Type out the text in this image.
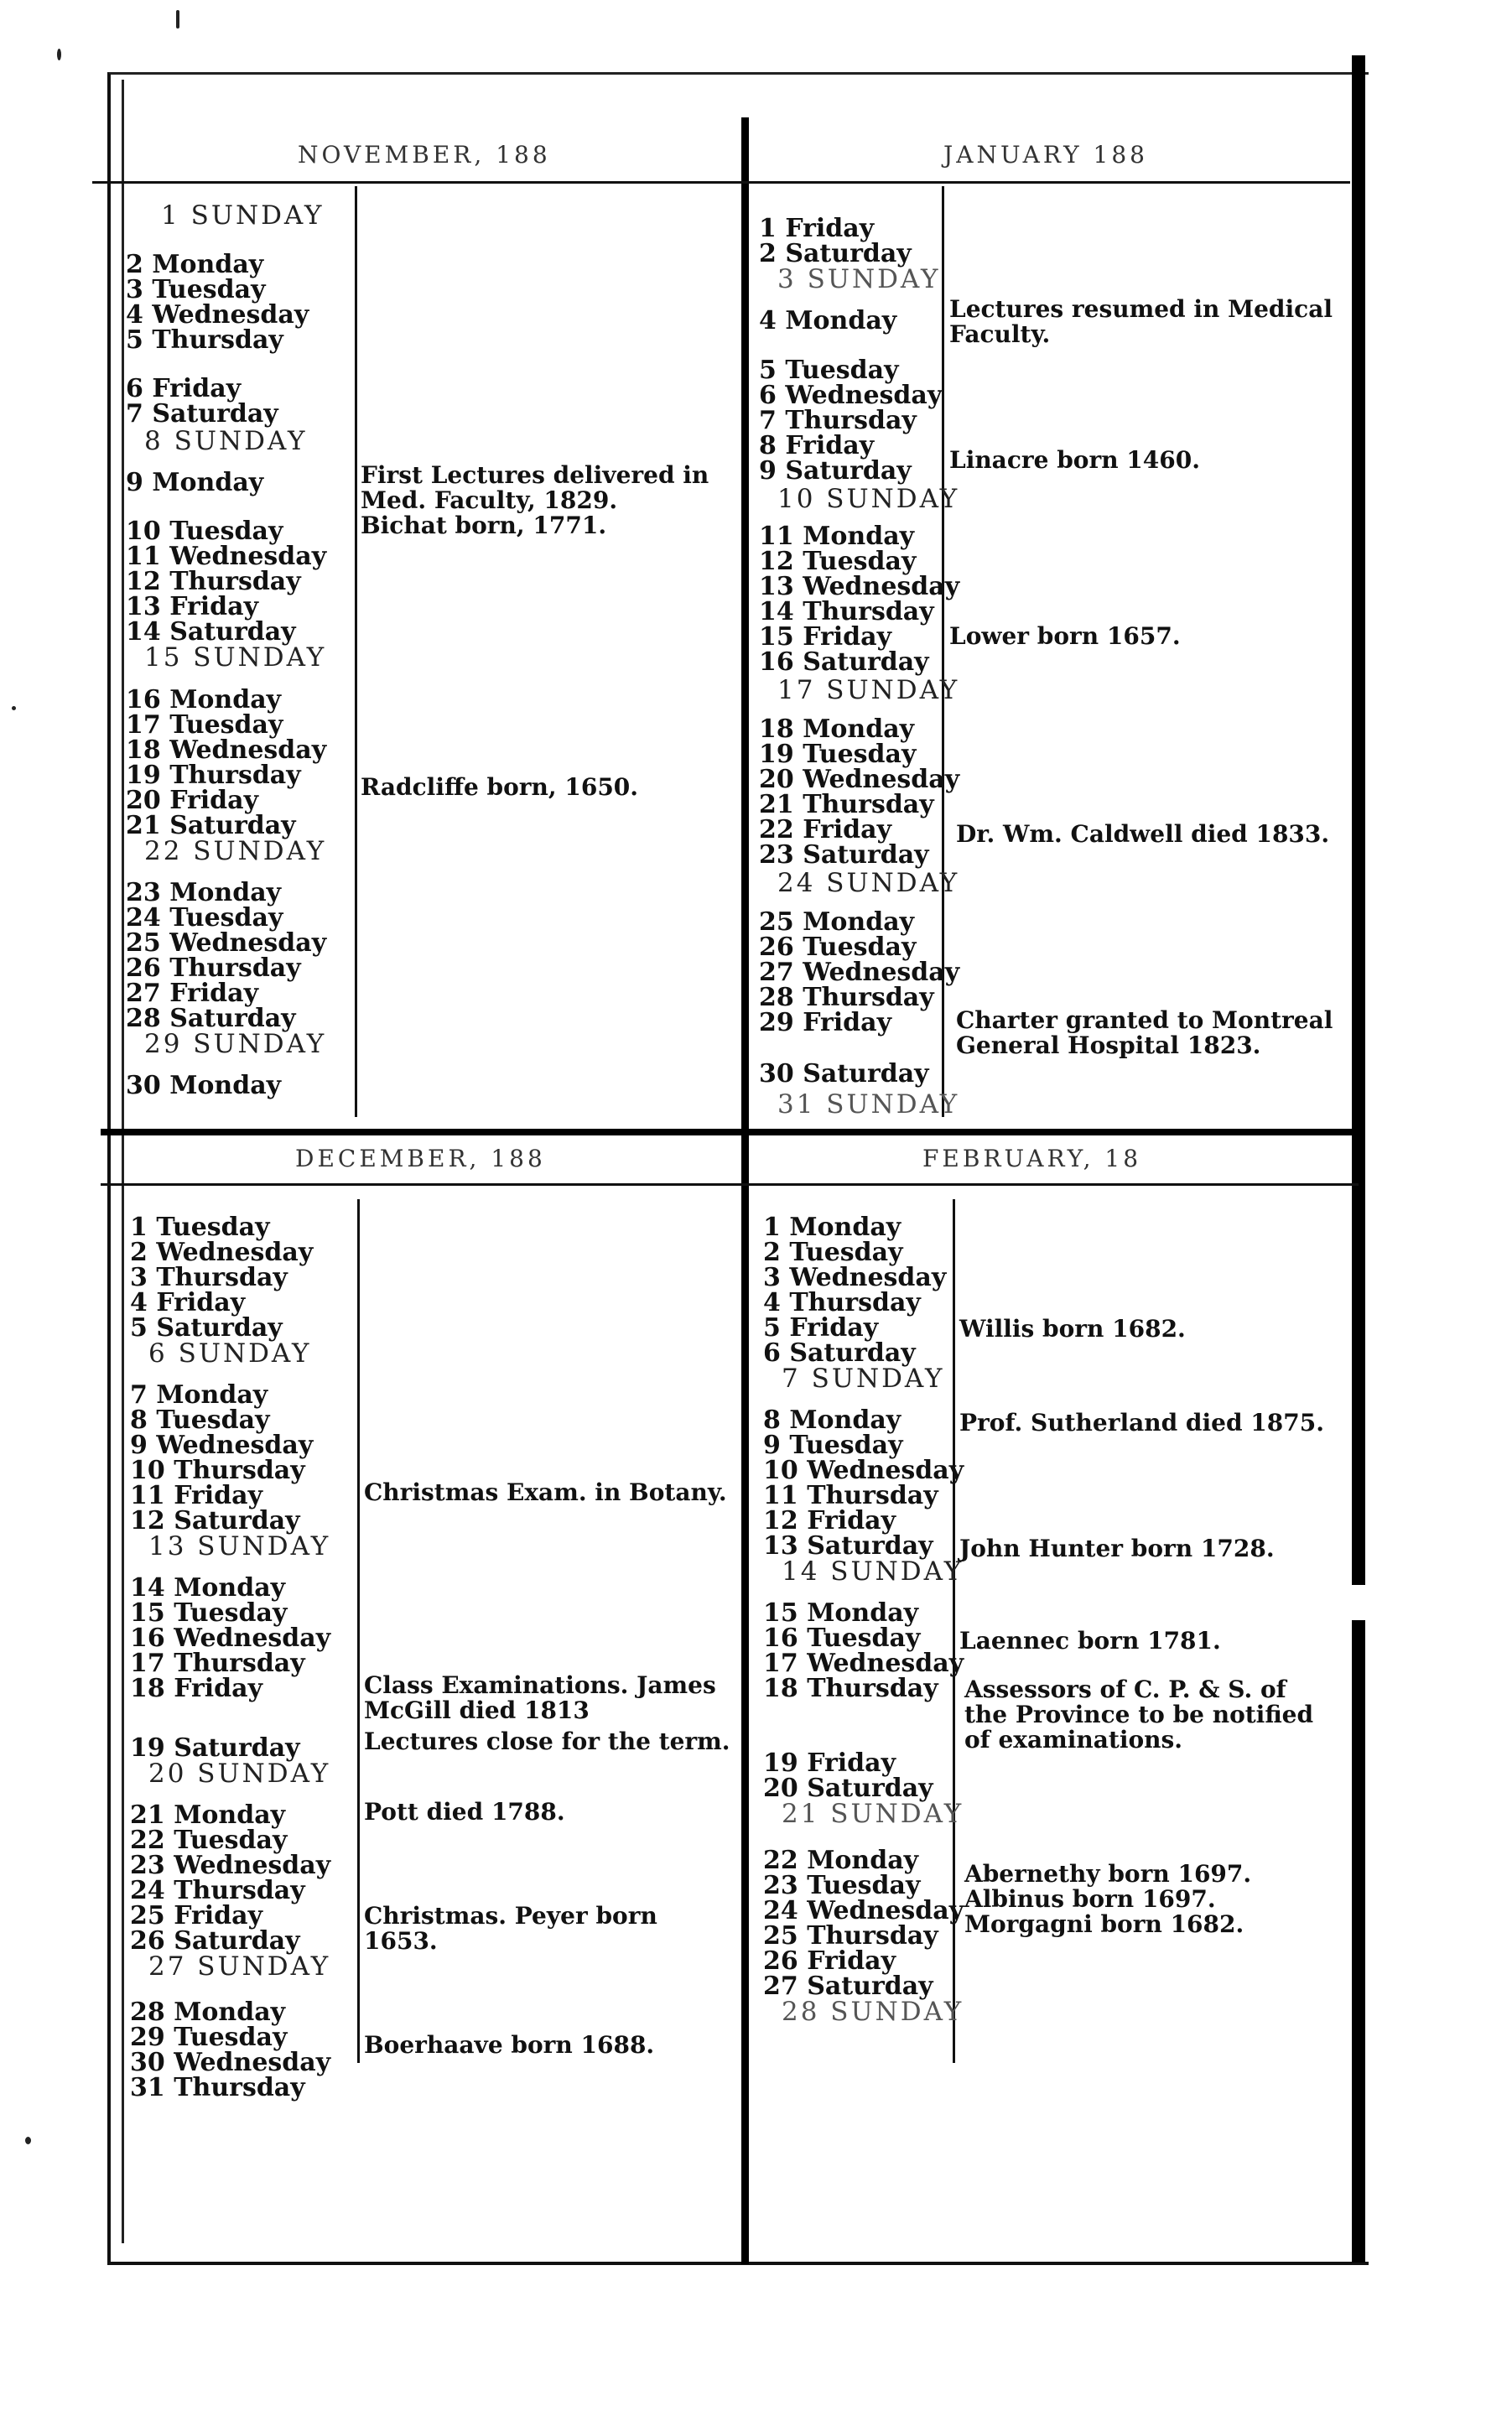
NOVEMBER, 188
1 SUNDAY
2 Monday
3 Tuesday
4 Wednesday
5 Thursday
6 Friday
7 Saturday
8 SUNDAY
9 Monday
10 Tuesday
11 Wednesday
12 Thursday
13 Friday
14 Saturday
15 SUNDAY
16 Monday
17 Tuesday
18 Wednesday
19 Thursday
20 Friday
21 Saturday
22 SUNDAY
23 Monday
24 Tuesday
25 Wednesday
26 Thursday
27 Friday
28 Saturday
29 SUNDAY
30 Monday
First Lectures delivered in Med. Faculty, 1829.
Bichat born, 1771.
Radcliffe born, 1650.
JANUARY 188
1 Friday
2 Saturday
3 SUNDAY
4 Monday
5 Tuesday
6 Wednesday
7 Thursday
8 Friday
9 Saturday
10 SUNDAY
11 Monday
12 Tuesday
13 Wednesday
14 Thursday
15 Friday
16 Saturday
17 SUNDAY
18 Monday
19 Tuesday
20 Wednesday
21 Thursday
22 Friday
23 Saturday
24 SUNDAY
25 Monday
26 Tuesday
27 Wednesday
28 Thursday
29 Friday
30 Saturday
31 SUNDAY
Lectures resumed in Medical Faculty.
Linacre born 1460.
Lower born 1657.
Dr. Wm. Caldwell died 1833.
Charter granted to Montreal General Hospital 1823.
DECEMBER, 188
1 Tuesday
2 Wednesday
3 Thursday
4 Friday
5 Saturday
6 SUNDAY
7 Monday
8 Tuesday
9 Wednesday
10 Thursday
11 Friday
12 Saturday
13 SUNDAY
14 Monday
15 Tuesday
16 Wednesday
17 Thursday
18 Friday
19 Saturday
20 SUNDAY
21 Monday
22 Tuesday
23 Wednesday
24 Thursday
25 Friday
26 Saturday
27 SUNDAY
28 Monday
29 Tuesday
30 Wednesday
31 Thursday
Christmas Exam. in Botany.
Class Examinations. James McGill died 1813
Lectures close for the term.
Pott died 1788.
Christmas. Peyer born 1653.
Boerhaave born 1688.
FEBRUARY, 18
1 Monday
2 Tuesday
3 Wednesday
4 Thursday
5 Friday
6 Saturday
7 SUNDAY
8 Monday
9 Tuesday
10 Wednesday
11 Thursday
12 Friday
13 Saturday
14 SUNDAY
15 Monday
16 Tuesday
17 Wednesday
18 Thursday
19 Friday
20 Saturday
21 SUNDAY
22 Monday
23 Tuesday
24 Wednesday
25 Thursday
26 Friday
27 Saturday
28 SUNDAY
Willis born 1682.
Prof. Sutherland died 1875.
John Hunter born 1728.
Laennec born 1781.
Assessors of C. P. & S. of the Province to be notified of examinations.
Abernethy born 1697.
Albinus born 1697.
Morgagni born 1682.
